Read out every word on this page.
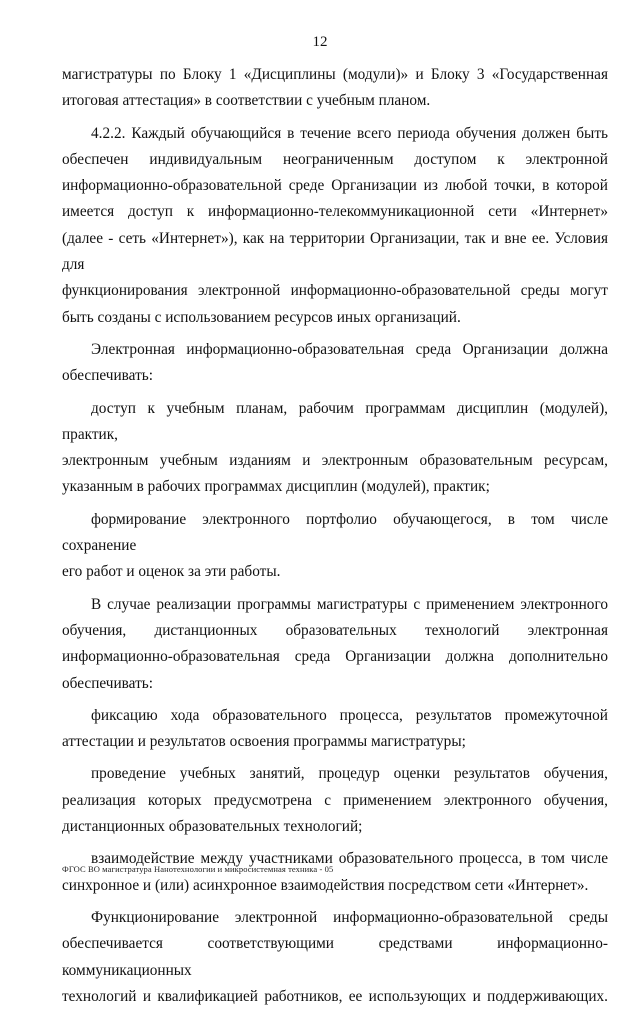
12

магистратуры по Блоку 1 «Дисциплины (модули)» и Блоку 3 «Государственная

итоговая аттестация» в соответствии с учебным планом.

4.2.2. Каждый обучающийся в течение всего периода обучения должен быть

обеспечен индивидуальным неограниченным доступом к электронной

информационно-образовательной среде Организации из любой точки, в которой

имеется доступ к информационно-телекоммуникационной сети «Интернет»

(далее - сеть «Интернет»), как на территории Организации, так и вне ее. Условия для

функционирования электронной информационно-образовательной среды могут

быть созданы с использованием ресурсов иных организаций.

Электронная информационно-образовательная среда Организации должна

обеспечивать:

доступ к учебным планам, рабочим программам дисциплин (модулей), практик,

электронным учебным изданиям и электронным образовательным ресурсам,

указанным в рабочих программах дисциплин (модулей), практик;

формирование электронного портфолио обучающегося, в том числе сохранение

его работ и оценок за эти работы.

В случае реализации программы магистратуры с применением электронного

обучения, дистанционных образовательных технологий электронная

информационно-образовательная среда Организации должна дополнительно

обеспечивать:

фиксацию хода образовательного процесса, результатов промежуточной

аттестации и результатов освоения программы магистратуры;

проведение учебных занятий, процедур оценки результатов обучения,

реализация которых предусмотрена с применением электронного обучения,

дистанционных образовательных технологий;

взаимодействие между участниками образовательного процесса, в том числе

синхронное и (или) асинхронное взаимодействия посредством сети «Интернет».

Функционирование электронной информационно-образовательной среды

обеспечивается соответствующими средствами информационно-коммуникационных

технологий и квалификацией работников, ее использующих и поддерживающих.

ФГОС ВО магистратура Нанотехнологии и микросистемная техника - 05
